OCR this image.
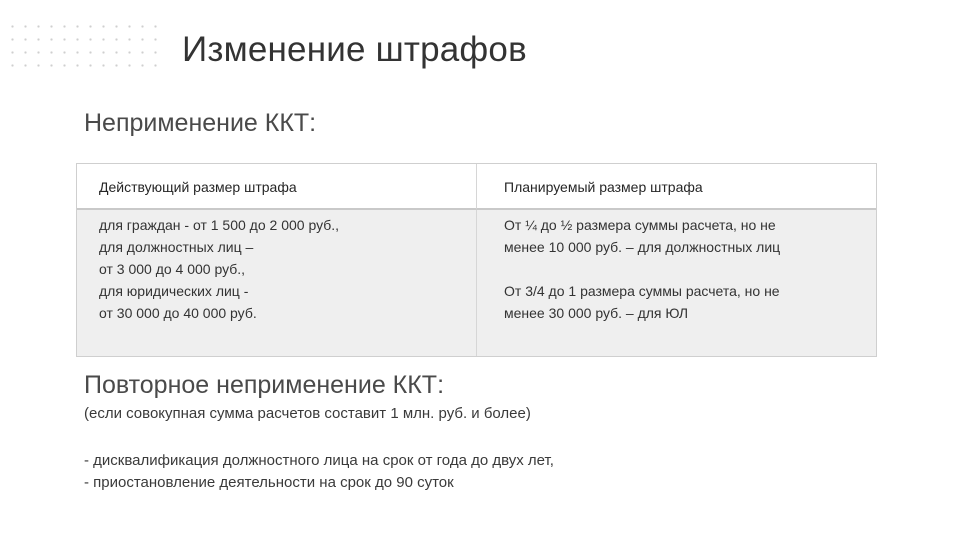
Изменение штрафов
Неприменение ККТ:
Действующий размер штрафа	Планируемый размер штрафа
для граждан - от 1 500 до 2 000 руб.,
для должностных лиц –
от 3 000 до 4 000 руб.,
для юридических лиц -
от 30 000 до 40 000 руб.
От ¼ до ½ размера суммы расчета, но не
менее 10 000 руб. – для должностных лиц
От 3/4 до 1 размера суммы расчета, но не
менее 30 000 руб. – для ЮЛ
Повторное неприменение ККТ:

(если совокупная сумма расчетов составит 1 млн. руб. и более)

- дисквалификация должностного лица на срок от года до двух лет,
- приостановление деятельности на срок до 90 суток
